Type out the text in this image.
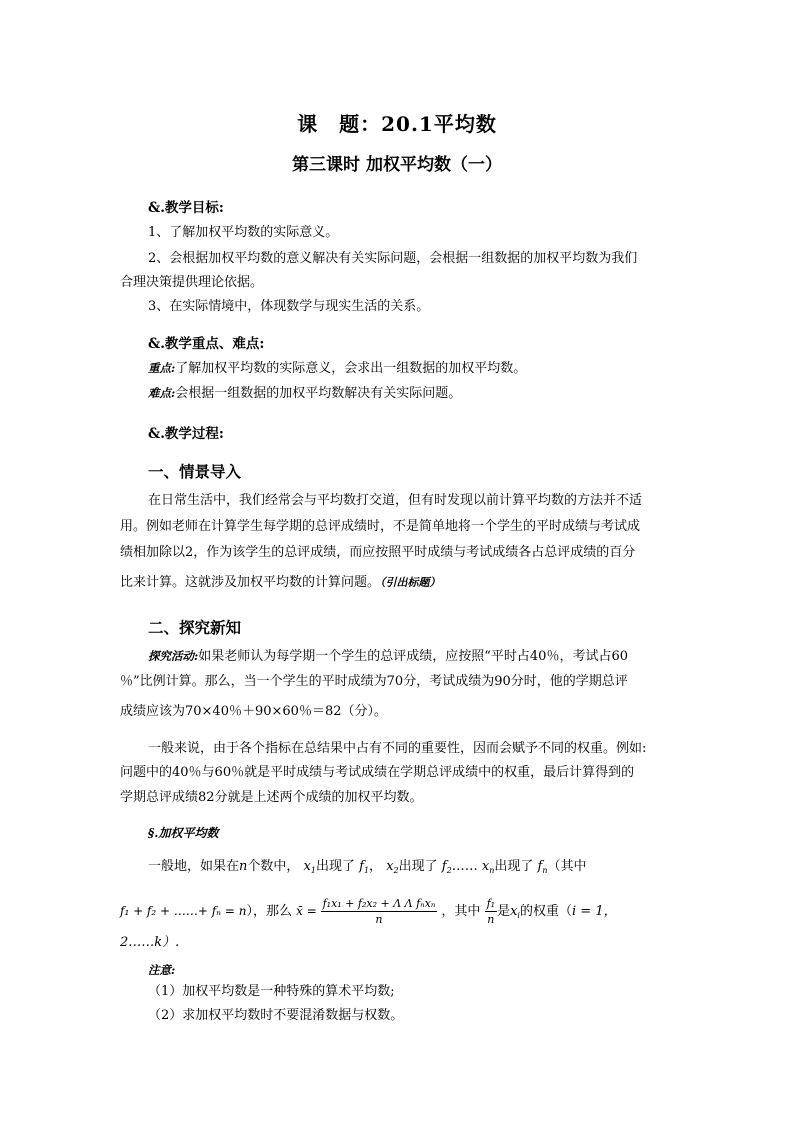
课　题：20.1平均数
第三课时 加权平均数（一）
&.教学目标:
1、了解加权平均数的实际意义。
2、会根据加权平均数的意义解决有关实际问题，会根据一组数据的加权平均数为我们
合理决策提供理论依据。
3、在实际情境中，体现数学与现实生活的关系。
&.教学重点、难点:
重点:了解加权平均数的实际意义，会求出一组数据的加权平均数。
难点:会根据一组数据的加权平均数解决有关实际问题。
&.教学过程:
一、情景导入
在日常生活中，我们经常会与平均数打交道，但有时发现以前计算平均数的方法并不适
用。例如老师在计算学生每学期的总评成绩时，不是简单地将一个学生的平时成绩与考试成
绩相加除以2，作为该学生的总评成绩，而应按照平时成绩与考试成绩各占总评成绩的百分
比来计算。这就涉及加权平均数的计算问题。（引出标题）
二、探究新知
探究活动:如果老师认为每学期一个学生的总评成绩，应按照“平时占40％，考试占60
％”比例计算。那么，当一个学生的平时成绩为70分，考试成绩为90分时，他的学期总评
成绩应该为70×40％＋90×60％＝82（分）。
一般来说，由于各个指标在总结果中占有不同的重要性，因而会赋予不同的权重。例如:
问题中的40％与60％就是平时成绩与考试成绩在学期总评成绩中的权重，最后计算得到的
学期总评成绩82分就是上述两个成绩的加权平均数。
§.加权平均数
一般地，如果在n个数中， $x_1$出现了 $f_1$， $x_2$出现了 $f_2\dots\dots$ $x_n$出现了 $f_n$（其中
f₁ + f₂ + ……+ fₙ = n），那么 x̄ = $\frac{\text{f₁x₁ + f₂x₂ + Λ Λ fₙxₙ}}{n}$ ，其中 $\frac{\text{f₁}}{n}$ 是$x_i$的权重（i = 1，
2……k）.
注意:
（1）加权平均数是一种特殊的算术平均数;
（2）求加权平均数时不要混淆数据与权数。
